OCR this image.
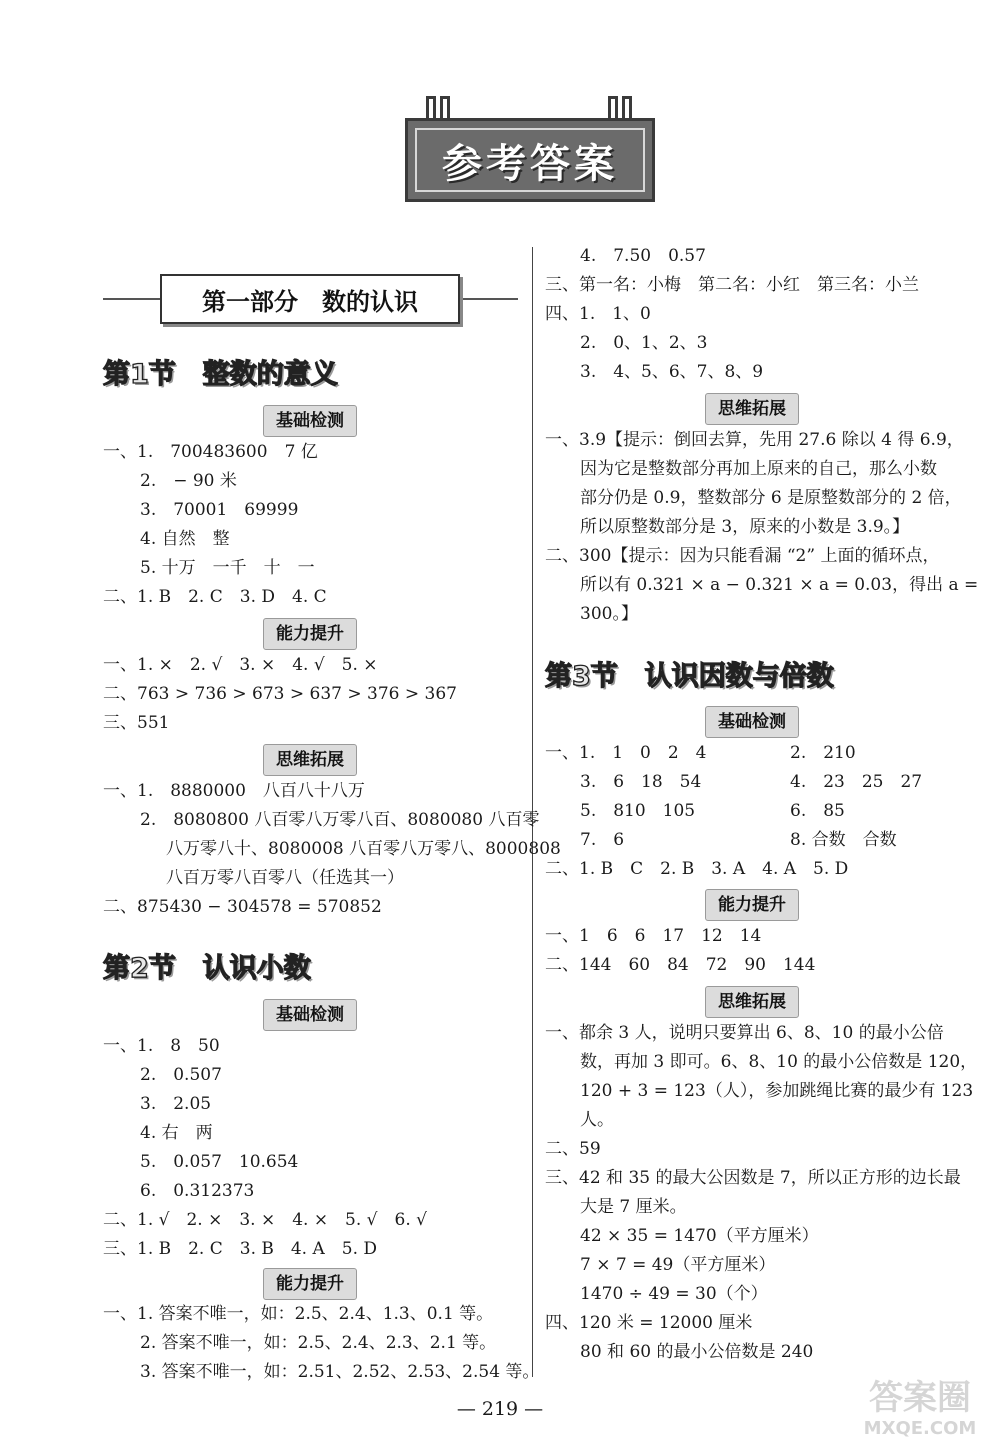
参考答案
第一部分　数的认识
第1节　整数的意义
基础检测
一、1.　700483600　7 亿
2.　− 90 米
3.　70001　69999
4. 自然　整
5. 十万　一千　十　一
二、1. B　2. C　3. D　4. C
能力提升
一、1. ×　2. √　3. ×　4. √　5. ×
二、763 > 736 > 673 > 637 > 376 > 367
三、551
思维拓展
一、1.　8880000　八百八十八万
2.　8080800 八百零八万零八百、8080080 八百零
八万零八十、8080008 八百零八万零八、8000808
八百万零八百零八（任选其一）
二、875430 − 304578 = 570852
第2节　认识小数
基础检测
一、1.　8　50
2.　0.507
3.　2.05
4. 右　两
5.　0.057　10.654
6.　0.312373
二、1. √　2. ×　3. ×　4. ×　5. √　6. √
三、1. B　2. C　3. B　4. A　5. D
能力提升
一、1. 答案不唯一，如：2.5、2.4、1.3、0.1 等。
2. 答案不唯一，如：2.5、2.4、2.3、2.1 等。
3. 答案不唯一，如：2.51、2.52、2.53、2.54 等。
4.　7.50　0.57
三、第一名：小梅　第二名：小红　第三名：小兰
四、1.　1、0
2.　0、1、2、3
3.　4、5、6、7、8、9
思维拓展
一、3.9【提示：倒回去算，先用 27.6 除以 4 得 6.9，
因为它是整数部分再加上原来的自己，那么小数
部分仍是 0.9，整数部分 6 是原整数部分的 2 倍，
所以原整数部分是 3，原来的小数是 3.9。】
二、300【提示：因为只能看漏 “2” 上面的循环点，
所以有 0.321 × a − 0.321 × a = 0.03，得出 a =
300。】
第3节　认识因数与倍数
基础检测
一、1.　1　0　2　4	2.　210
3.　6　18　54	4.　23　25　27
5.　810　105	6.　85
7.　6	8. 合数　合数
二、1. B　C　2. B　3. A　4. A　5. D
能力提升
一、1　6　6　17　12　14
二、144　60　84　72　90　144
思维拓展
一、都余 3 人，说明只要算出 6、8、10 的最小公倍
数，再加 3 即可。6、8、10 的最小公倍数是 120，
120 + 3 = 123（人），参加跳绳比赛的最少有 123
人。
二、59
三、42 和 35 的最大公因数是 7，所以正方形的边长最
大是 7 厘米。
42 × 35 = 1470（平方厘米）
7 × 7 = 49（平方厘米）
1470 ÷ 49 = 30（个）
四、120 米 = 12000 厘米
80 和 60 的最小公倍数是 240
— 219 —	答案圈
MXQE.COM
